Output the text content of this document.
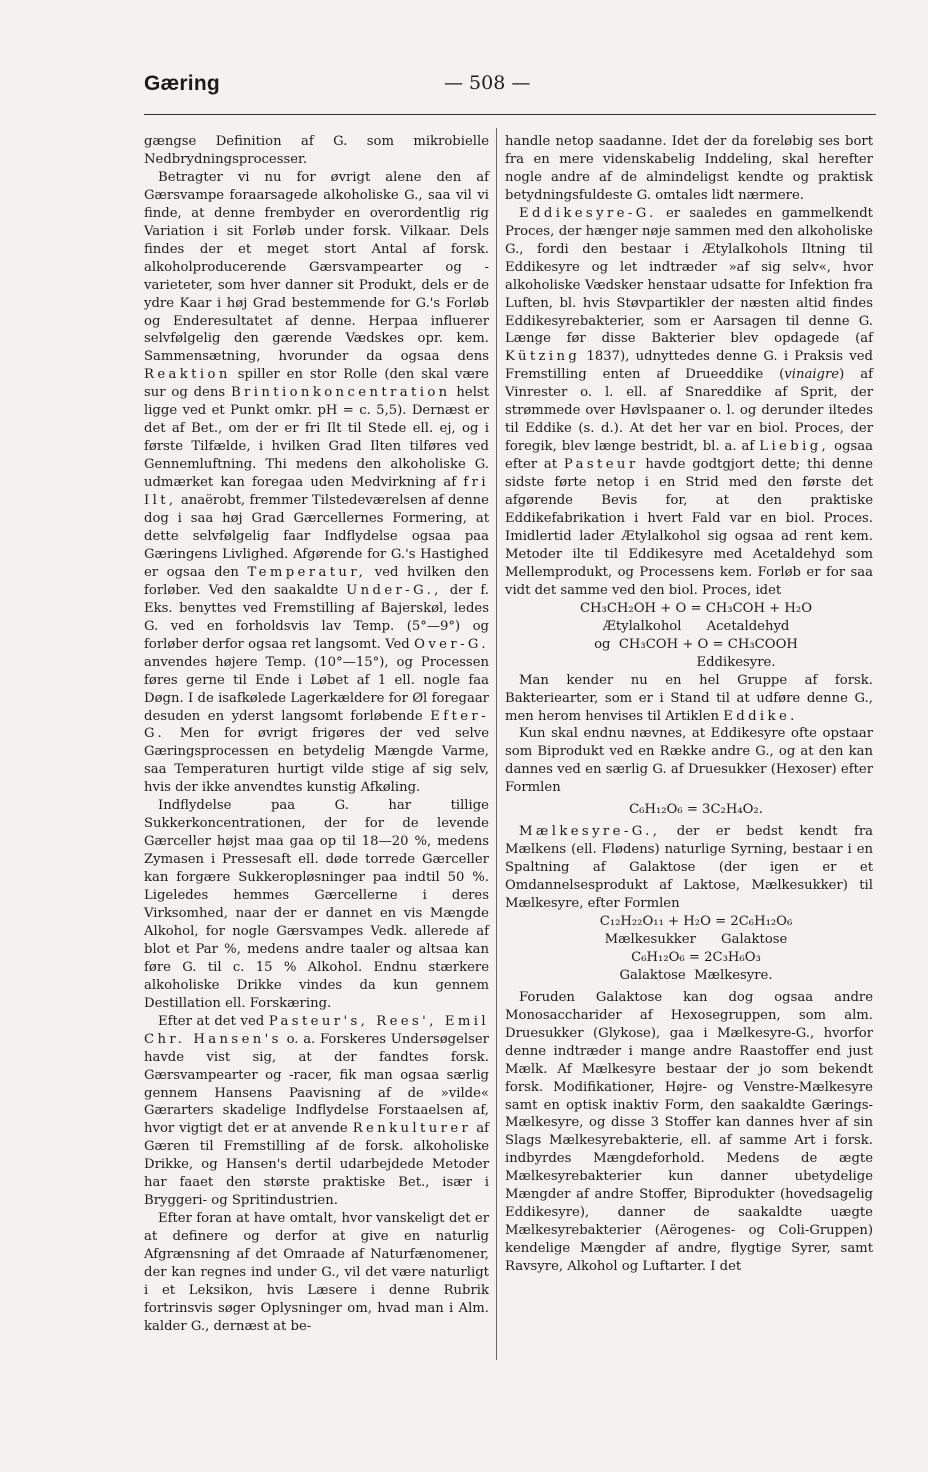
Gæring	— 508 —

gængse Definition af G. som mikrobielle Nedbrydningsprocesser.

Betragter vi nu for øvrigt alene den af Gærsvampe foraarsagede alkoholiske G., saa vil vi finde, at denne frembyder en overordentlig rig Variation i sit Forløb under forsk. Vilkaar. Dels findes der et meget stort Antal af forsk. alkoholproducerende Gærsvampearter og -varieteter, som hver danner sit Produkt, dels er de ydre Kaar i høj Grad bestemmende for G.'s Forløb og Enderesultatet af denne. Herpaa influerer selvfølgelig den gærende Vædskes opr. kem. Sammensætning, hvorunder da ogsaa dens Reaktion spiller en stor Rolle (den skal være sur og dens Brintionkoncentration helst ligge ved et Punkt omkr. pH = c. 5,5). Dernæst er det af Bet., om der er fri Ilt til Stede ell. ej, og i første Tilfælde, i hvilken Grad Ilten tilføres ved Gennemluftning. Thi medens den alkoholiske G. udmærket kan foregaa uden Medvirkning af fri Ilt, anaërobt, fremmer Tilstedeværelsen af denne dog i saa høj Grad Gærcellernes Formering, at dette selvfølgelig faar Indflydelse ogsaa paa Gæringens Livlighed. Afgørende for G.'s Hastighed er ogsaa den Temperatur, ved hvilken den forløber. Ved den saakaldte Under-G., der f. Eks. benyttes ved Fremstilling af Bajerskøl, ledes G. ved en forholdsvis lav Temp. (5°—9°) og forløber derfor ogsaa ret langsomt. Ved Over-G. anvendes højere Temp. (10°—15°), og Processen føres gerne til Ende i Løbet af 1 ell. nogle faa Døgn. I de isafkølede Lagerkældere for Øl foregaar desuden en yderst langsomt forløbende Efter-G. Men for øvrigt frigøres der ved selve Gæringsprocessen en betydelig Mængde Varme, saa Temperaturen hurtigt vilde stige af sig selv, hvis der ikke anvendtes kunstig Afkøling.

Indflydelse paa G. har tillige Sukkerkoncentrationen, der for de levende Gærceller højst maa gaa op til 18—20 %, medens Zymasen i Pressesaft ell. døde torrede Gærceller kan forgære Sukkeropløsninger paa indtil 50 %. Ligeledes hemmes Gærcellerne i deres Virksomhed, naar der er dannet en vis Mængde Alkohol, for nogle Gærsvampes Vedk. allerede af blot et Par %, medens andre taaler og altsaa kan føre G. til c. 15 % Alkohol. Endnu stærkere alkoholiske Drikke vindes da kun gennem Destillation ell. Forskæring.

Efter at det ved Pasteur's, Rees', Emil Chr. Hansen's o. a. Forskeres Undersøgelser havde vist sig, at der fandtes forsk. Gærsvampearter og -racer, fik man ogsaa særlig gennem Hansens Paavisning af de »vilde« Gærarters skadelige Indflydelse Forstaaelsen af, hvor vigtigt det er at anvende Renkulturer af Gæren til Fremstilling af de forsk. alkoholiske Drikke, og Hansen's dertil udarbejdede Metoder har faaet den største praktiske Bet., især i Bryggeri- og Spritindustrien.

Efter foran at have omtalt, hvor vanskeligt det er at definere og derfor at give en naturlig Afgrænsning af det Omraade af Naturfænomener, der kan regnes ind under G., vil det være naturligt i et Leksikon, hvis Læsere i denne Rubrik fortrinsvis søger Oplysninger om, hvad man i Alm. kalder G., dernæst at be-

handle netop saadanne. Idet der da foreløbig ses bort fra en mere videnskabelig Inddeling, skal herefter nogle andre af de almindeligst kendte og praktisk betydningsfuldeste G. omtales lidt nærmere.

Eddikesyre-G. er saaledes en gammelkendt Proces, der hænger nøje sammen med den alkoholiske G., fordi den bestaar i Ætylalkohols Iltning til Eddikesyre og let indtræder »af sig selv«, hvor alkoholiske Vædsker henstaar udsatte for Infektion fra Luften, bl. hvis Støvpartikler der næsten altid findes Eddikesyrebakterier, som er Aarsagen til denne G. Længe før disse Bakterier blev opdagede (af Kützing 1837), udnyttedes denne G. i Praksis ved Fremstilling enten af Drueeddike (vinaigre) af Vinrester o. l. ell. af Snareddike af Sprit, der strømmede over Høvlspaaner o. l. og derunder iltedes til Eddike (s. d.). At det her var en biol. Proces, der foregik, blev længe bestridt, bl. a. af Liebig, ogsaa efter at Pasteur havde godtgjort dette; thi denne sidste førte netop i en Strid med den første det afgørende Bevis for, at den praktiske Eddikefabrikation i hvert Fald var en biol. Proces. Imidlertid lader Ætylalkohol sig ogsaa ad rent kem. Metoder ilte til Eddikesyre med Acetaldehyd som Mellemprodukt, og Processens kem. Forløb er for saa vidt det samme ved den biol. Proces, idet

CH₃CH₂OH + O = CH₃COH + H₂O

Ætylalkohol      Acetaldehyd

og  CH₃COH + O = CH₃COOH

Eddikesyre.

Man kender nu en hel Gruppe af forsk. Bakteriearter, som er i Stand til at udføre denne G., men herom henvises til Artiklen Eddike.

Kun skal endnu nævnes, at Eddikesyre ofte opstaar som Biprodukt ved en Række andre G., og at den kan dannes ved en særlig G. af Druesukker (Hexoser) efter Formlen

C₆H₁₂O₆ = 3C₂H₄O₂.

Mælkesyre-G., der er bedst kendt fra Mælkens (ell. Flødens) naturlige Syrning, bestaar i en Spaltning af Galaktose (der igen er et Omdannelsesprodukt af Laktose, Mælkesukker) til Mælkesyre, efter Formlen

C₁₂H₂₂O₁₁ + H₂O = 2C₆H₁₂O₆

Mælkesukker      Galaktose

C₆H₁₂O₆ = 2C₃H₆O₃

Galaktose  Mælkesyre.

Foruden Galaktose kan dog ogsaa andre Monosaccharider af Hexosegruppen, som alm. Druesukker (Glykose), gaa i Mælkesyre-G., hvorfor denne indtræder i mange andre Raastoffer end just Mælk. Af Mælkesyre bestaar der jo som bekendt forsk. Modifikationer, Højre- og Venstre-Mælkesyre samt en optisk inaktiv Form, den saakaldte Gærings-Mælkesyre, og disse 3 Stoffer kan dannes hver af sin Slags Mælkesyrebakterie, ell. af samme Art i forsk. indbyrdes Mængdeforhold. Medens de ægte Mælkesyrebakterier kun danner ubetydelige Mængder af andre Stoffer, Biprodukter (hovedsagelig Eddikesyre), danner de saakaldte uægte Mælkesyrebakterier (Aërogenes- og Coli-Gruppen) kendelige Mængder af andre, flygtige Syrer, samt Ravsyre, Alkohol og Luftarter. I det
